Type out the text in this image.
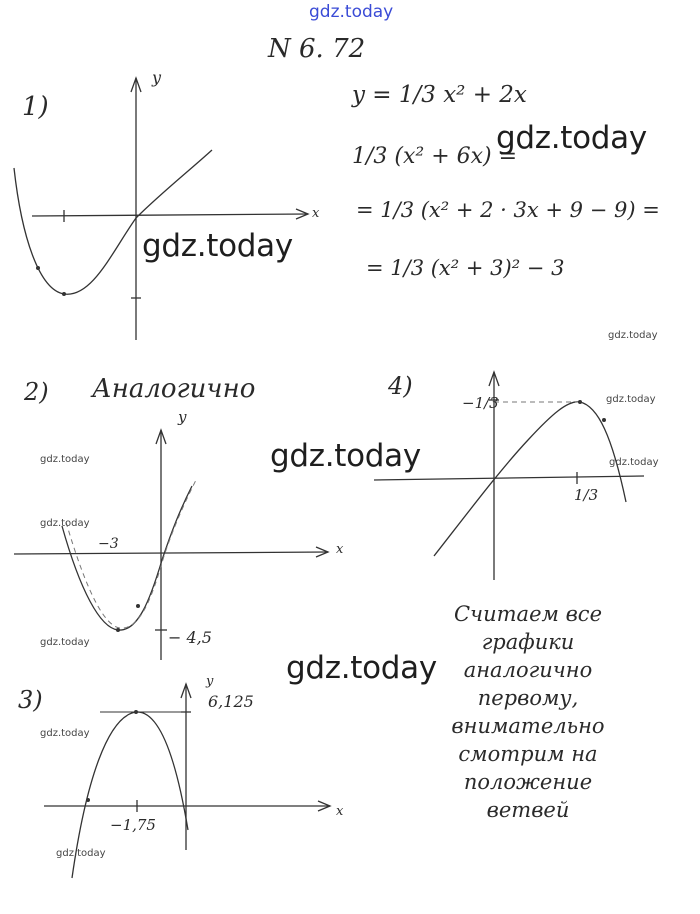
gdz.today
N 6. 72
1)
y
x
y = 1/3 x² + 2x
1/3 (x² + 6x) =
= 1/3 (x² + 2 · 3x + 9 − 9) =
= 1/3 (x² + 3)² − 3
2) Аналогично
y
x
−3
− 4,5
3)
y
6,125
x
−1,75
4)
−1/3
1/3
Считаем все
графики
аналогично
первому,
внимательно
смотрим на
положение
ветвей
gdz.today
gdz.today
gdz.today
gdz.today
gdz.today
gdz.today
gdz.today
gdz.today
gdz.today
gdz.today
gdz.today
gdz.today
